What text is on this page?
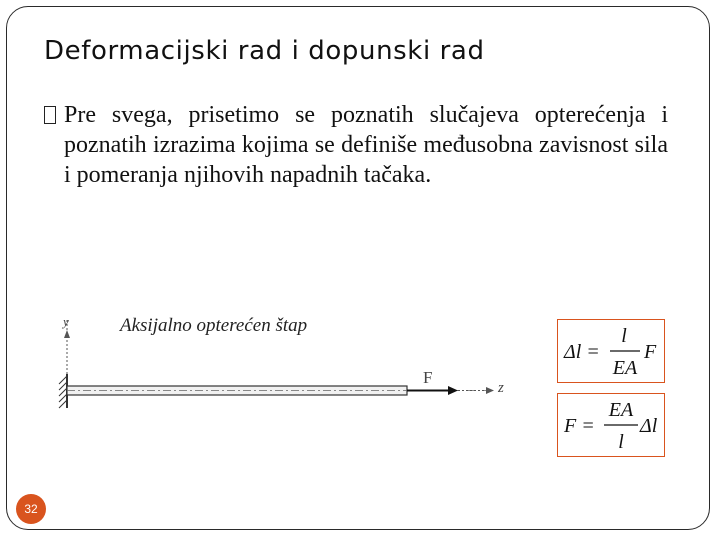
Deformacijski rad i dopunski rad
Pre svega, prisetimo se poznatih slučajeva opterećenja i poznatih izrazima kojima se definiše međusobna zavisnost sila i pomeranja njihovih napadnih tačaka.
Aksijalno opterećen štap
y
F
z
Δl =
l
EA
F
F =
EA
l
Δl
32
